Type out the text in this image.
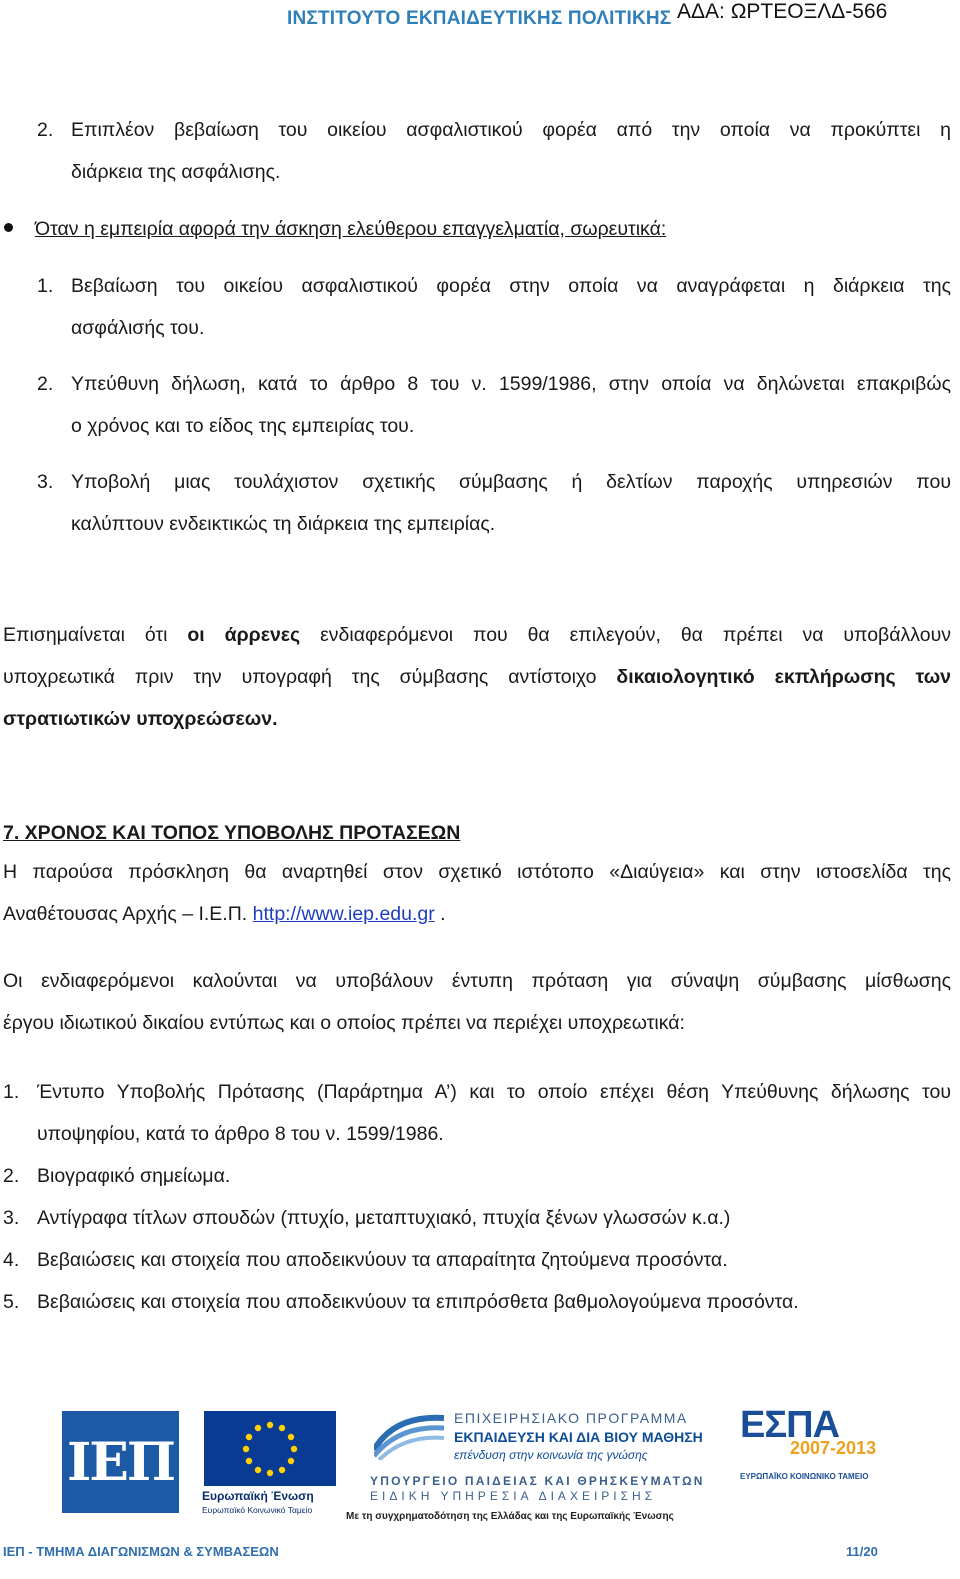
ΙΝΣΤΙΤΟΥΤΟ ΕΚΠΑΙΔΕΥΤΙΚΗΣ ΠΟΛΙΤΙΚΗΣ ΑΔΑ: ΩΡΤΕΟΞΛΔ-566
2. Επιπλέον βεβαίωση του οικείου ασφαλιστικού φορέα από την οποία να προκύπτει η
διάρκεια της ασφάλισης.
Όταν η εμπειρία αφορά την άσκηση ελεύθερου επαγγελματία, σωρευτικά:
1. Βεβαίωση του οικείου ασφαλιστικού φορέα στην οποία να αναγράφεται η διάρκεια της
ασφάλισής του.
2. Υπεύθυνη δήλωση, κατά το άρθρο 8 του ν. 1599/1986, στην οποία να δηλώνεται επακριβώς
ο χρόνος και το είδος της εμπειρίας του.
3. Υποβολή μιας τουλάχιστον σχετικής σύμβασης ή δελτίων παροχής υπηρεσιών που
καλύπτουν ενδεικτικώς τη διάρκεια της εμπειρίας.
Επισημαίνεται ότι οι άρρενες ενδιαφερόμενοι που θα επιλεγούν, θα πρέπει να υποβάλλουν
υποχρεωτικά πριν την υπογραφή της σύμβασης αντίστοιχο δικαιολογητικό εκπλήρωσης των
στρατιωτικών υποχρεώσεων.
7. ΧΡΟΝΟΣ ΚΑΙ ΤΟΠΟΣ ΥΠΟΒΟΛΗΣ ΠΡΟΤΑΣΕΩΝ
Η παρούσα πρόσκληση θα αναρτηθεί στον σχετικό ιστότοπο «Διαύγεια» και στην ιστοσελίδα της
Αναθέτουσας Αρχής – Ι.Ε.Π. http://www.iep.edu.gr .
Οι ενδιαφερόμενοι καλούνται να υποβάλουν έντυπη πρόταση για σύναψη σύμβασης μίσθωσης
έργου ιδιωτικού δικαίου εντύπως και ο οποίος πρέπει να περιέχει υποχρεωτικά:
1. Έντυπο Υποβολής Πρότασης (Παράρτημα Α’) και το οποίο επέχει θέση Υπεύθυνης δήλωσης του
υποψηφίου, κατά το άρθρο 8 του ν. 1599/1986.
2. Βιογραφικό σημείωμα.
3. Αντίγραφα τίτλων σπουδών (πτυχίο, μεταπτυχιακό, πτυχία ξένων γλωσσών κ.α.)
4. Βεβαιώσεις και στοιχεία που αποδεικνύουν τα απαραίτητα ζητούμενα προσόντα.
5. Βεβαιώσεις και στοιχεία που αποδεικνύουν τα επιπρόσθετα βαθμολογούμενα προσόντα.
ΙΕΠ
Ευρωπαϊκή Ένωση
Ευρωπαϊκό Κοινωνικό Ταμείο
ΕΠΙΧΕΙΡΗΣΙΑΚΟ ΠΡΟΓΡΑΜΜΑ
ΕΚΠΑΙΔΕΥΣΗ ΚΑΙ ΔΙΑ ΒΙΟΥ ΜΑΘΗΣΗ
επένδυση στην κοινωνία της γνώσης
ΥΠΟΥΡΓΕΙΟ ΠΑΙΔΕΙΑΣ ΚΑΙ ΘΡΗΣΚΕΥΜΑΤΩΝ
ΕΙΔΙΚΗ ΥΠΗΡΕΣΙΑ ΔΙΑΧΕΙΡΙΣΗΣ
Με τη συγχρηματοδότηση της Ελλάδας και της Ευρωπαϊκής Ένωσης
ΕΣΠΑ
2007-2013
ΕΥΡΩΠΑΪΚΟ ΚΟΙΝΩΝΙΚΟ ΤΑΜΕΙΟ
ΙΕΠ - ΤΜΗΜΑ ΔΙΑΓΩΝΙΣΜΩΝ & ΣΥΜΒΑΣΕΩΝ	11/20
